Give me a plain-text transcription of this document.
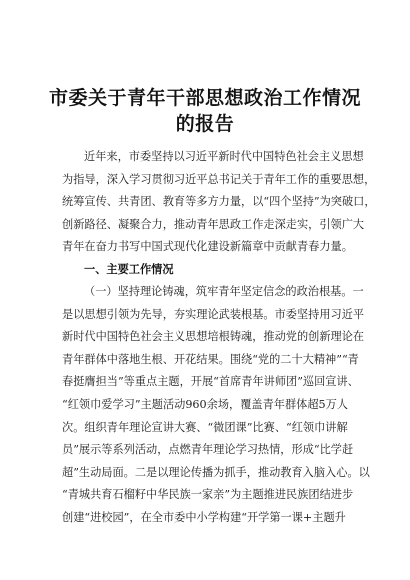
市委关于青年干部思想政治工作情况
的报告
近年来，市委坚持以习近平新时代中国特色社会主义思想
为指导，深入学习贯彻习近平总书记关于青年工作的重要思想，
统筹宣传、共青团、教育等多方力量，以“四个坚持”为突破口，
创新路径、凝聚合力，推动青年思政工作走深走实，引领广大
青年在奋力书写中国式现代化建设新篇章中贡献青春力量。
一、主要工作情况
（一）坚持理论铸魂，筑牢青年坚定信念的政治根基。一
是以思想引领为先导，夯实理论武装根基。市委坚持用习近平
新时代中国特色社会主义思想培根铸魂，推动党的创新理论在
青年群体中落地生根、开花结果。围绕“党的二十大精神”“青
春挺膺担当”等重点主题，开展“首席青年讲师团”巡回宣讲、
“红领巾爱学习”主题活动960余场，覆盖青年群体超5万人
次。组织青年理论宣讲大赛、“微团课”比赛、“红领巾讲解
员”展示等系列活动，点燃青年理论学习热情，形成“比学赶
超”生动局面。二是以理论传播为抓手，推动教育入脑入心。以
“青城共育石榴籽中华民族一家亲”为主题推进民族团结进步
创建“进校园”，在全市委中小学构建“开学第一课+主题升
